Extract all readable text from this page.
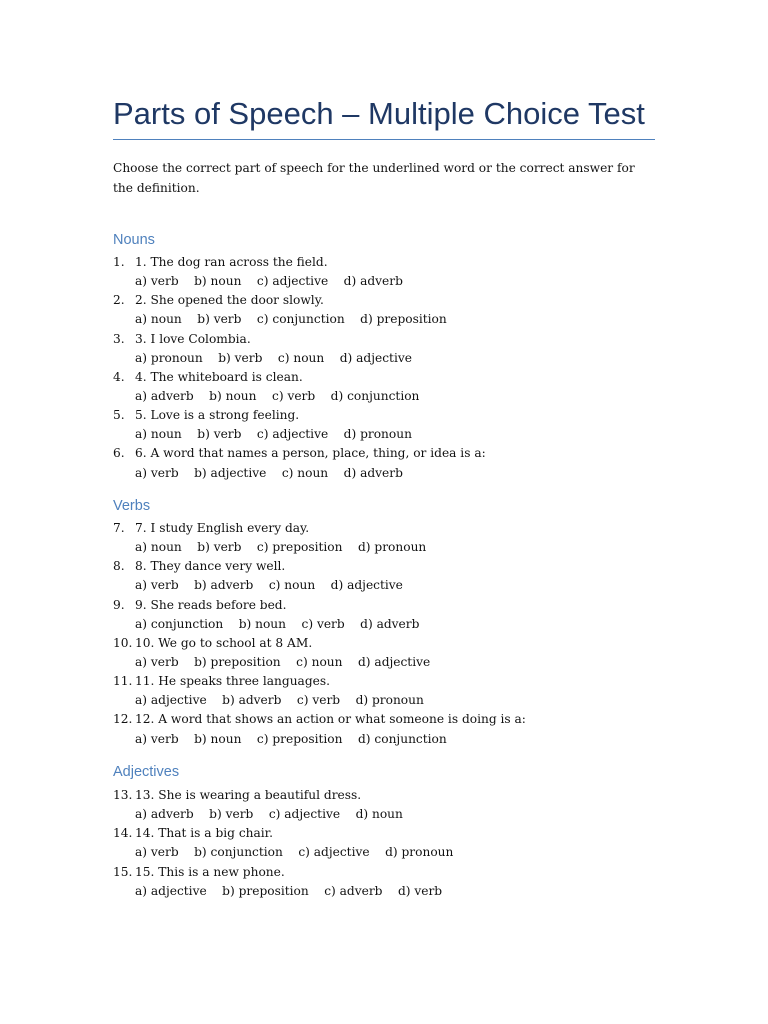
Parts of Speech – Multiple Choice Test

Choose the correct part of speech for the underlined word or the correct answer for the definition.

Nouns
1. 1. The dog ran across the field.
a) verb    b) noun    c) adjective    d) adverb
2. 2. She opened the door slowly.
a) noun    b) verb    c) conjunction    d) preposition
3. 3. I love Colombia.
a) pronoun    b) verb    c) noun    d) adjective
4. 4. The whiteboard is clean.
a) adverb    b) noun    c) verb    d) conjunction
5. 5. Love is a strong feeling.
a) noun    b) verb    c) adjective    d) pronoun
6. 6. A word that names a person, place, thing, or idea is a:
a) verb    b) adjective    c) noun    d) adverb
Verbs
7. 7. I study English every day.
a) noun    b) verb    c) preposition    d) pronoun
8. 8. They dance very well.
a) verb    b) adverb    c) noun    d) adjective
9. 9. She reads before bed.
a) conjunction    b) noun    c) verb    d) adverb
10. 10. We go to school at 8 AM.
a) verb    b) preposition    c) noun    d) adjective
11. 11. He speaks three languages.
a) adjective    b) adverb    c) verb    d) pronoun
12. 12. A word that shows an action or what someone is doing is a:
a) verb    b) noun    c) preposition    d) conjunction
Adjectives
13. 13. She is wearing a beautiful dress.
a) adverb    b) verb    c) adjective    d) noun
14. 14. That is a big chair.
a) verb    b) conjunction    c) adjective    d) pronoun
15. 15. This is a new phone.
a) adjective    b) preposition    c) adverb    d) verb
